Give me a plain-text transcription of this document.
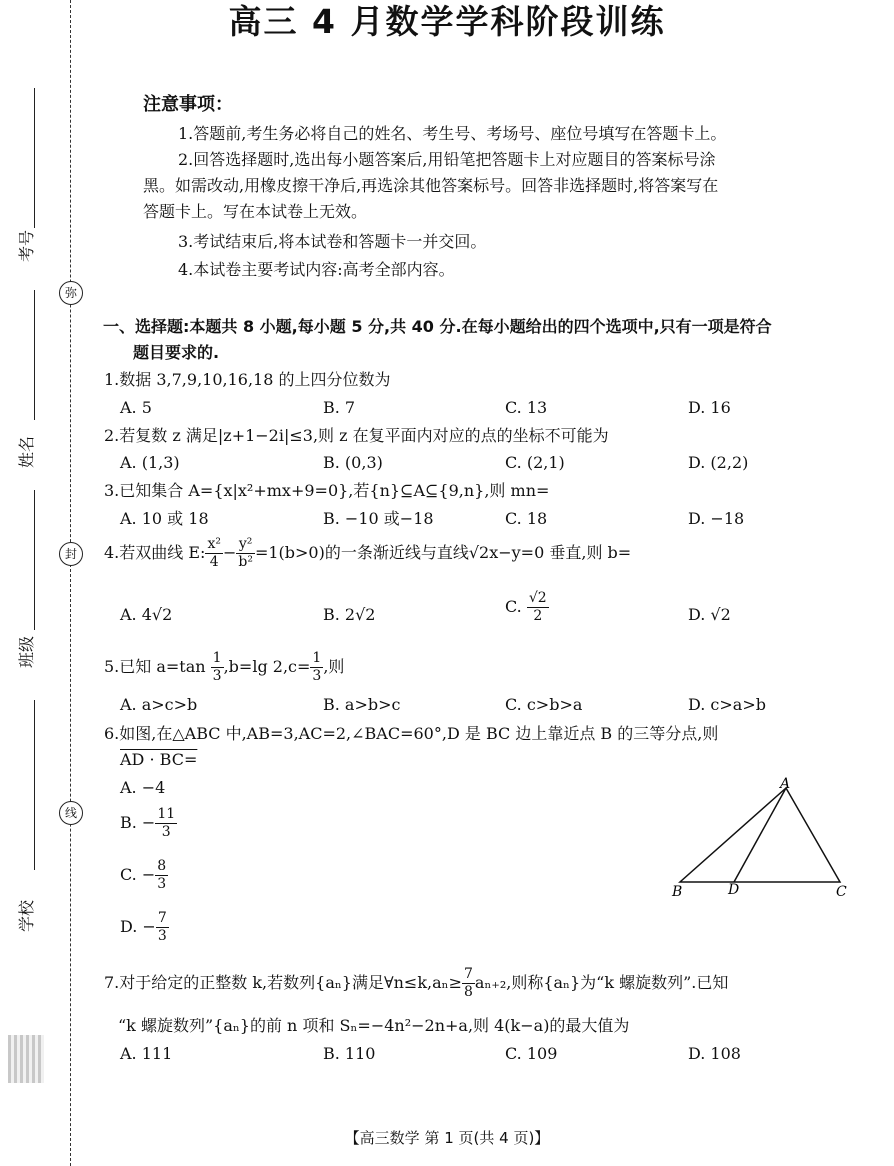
弥
封
线
考号
姓名
班级
学校
高三 4 月数学学科阶段训练
注意事项：
1.答题前,考生务必将自己的姓名、考生号、考场号、座位号填写在答题卡上。
2.回答选择题时,选出每小题答案后,用铅笔把答题卡上对应题目的答案标号涂
黑。如需改动,用橡皮擦干净后,再选涂其他答案标号。回答非选择题时,将答案写在
答题卡上。写在本试卷上无效。
3.考试结束后,将本试卷和答题卡一并交回。
4.本试卷主要考试内容:高考全部内容。
一、选择题:本题共 8 小题,每小题 5 分,共 40 分.在每小题给出的四个选项中,只有一项是符合
题目要求的.
1.数据 3,7,9,10,16,18 的上四分位数为
A. 5	B. 7	C. 13	D. 16
2.若复数 z 满足|z+1−2i|≤3,则 z 在复平面内对应的点的坐标不可能为
A. (1,3)	B. (0,3)	C. (2,1)	D. (2,2)
3.已知集合 A={x|x²+mx+9=0},若{n}⊆A⊆{9,n},则 mn=
A. 10 或 18	B. −10 或−18	C. 18	D. −18
4.若双曲线 E: $\frac{\text{x²}}{4} - \frac{\text{y²}}{\text{b²}} =1(b>0)$的一条渐近线与直线√2x−y=0 垂直,则 b=
A. 4√2	B. 2√2	C. $\frac{√2}{2}$	D. √2
5.已知 $a=\tan \frac{1}{3} ,b=\lg$ $2,c= \frac{1}{3}$ ,则
A. a>c>b	B. a>b>c	C. c>b>a	D. c>a>b
6.如图,在△ABC 中,AB=3,AC=2,∠BAC=60°,D 是 BC 边上靠近点 B 的三等分点,则
AD · BC=
A. −4
B. − $\frac{11}{3}$
C. − $\frac{8}{3}$
D. − $\frac{7}{3}$
A
B	D	C
7.对于给定的正整数 k,若数列{aₙ}满足∀n≤k,aₙ≥ $\frac{7}{8} a_{n+2}$,则称{aₙ}为“k 螺旋数列”.已知
“k 螺旋数列”{aₙ}的前 n 项和 Sₙ=−4n²−2n+a,则 4(k−a)的最大值为
A. 111	B. 110	C. 109	D. 108
【高三数学 第 1 页(共 4 页)】
